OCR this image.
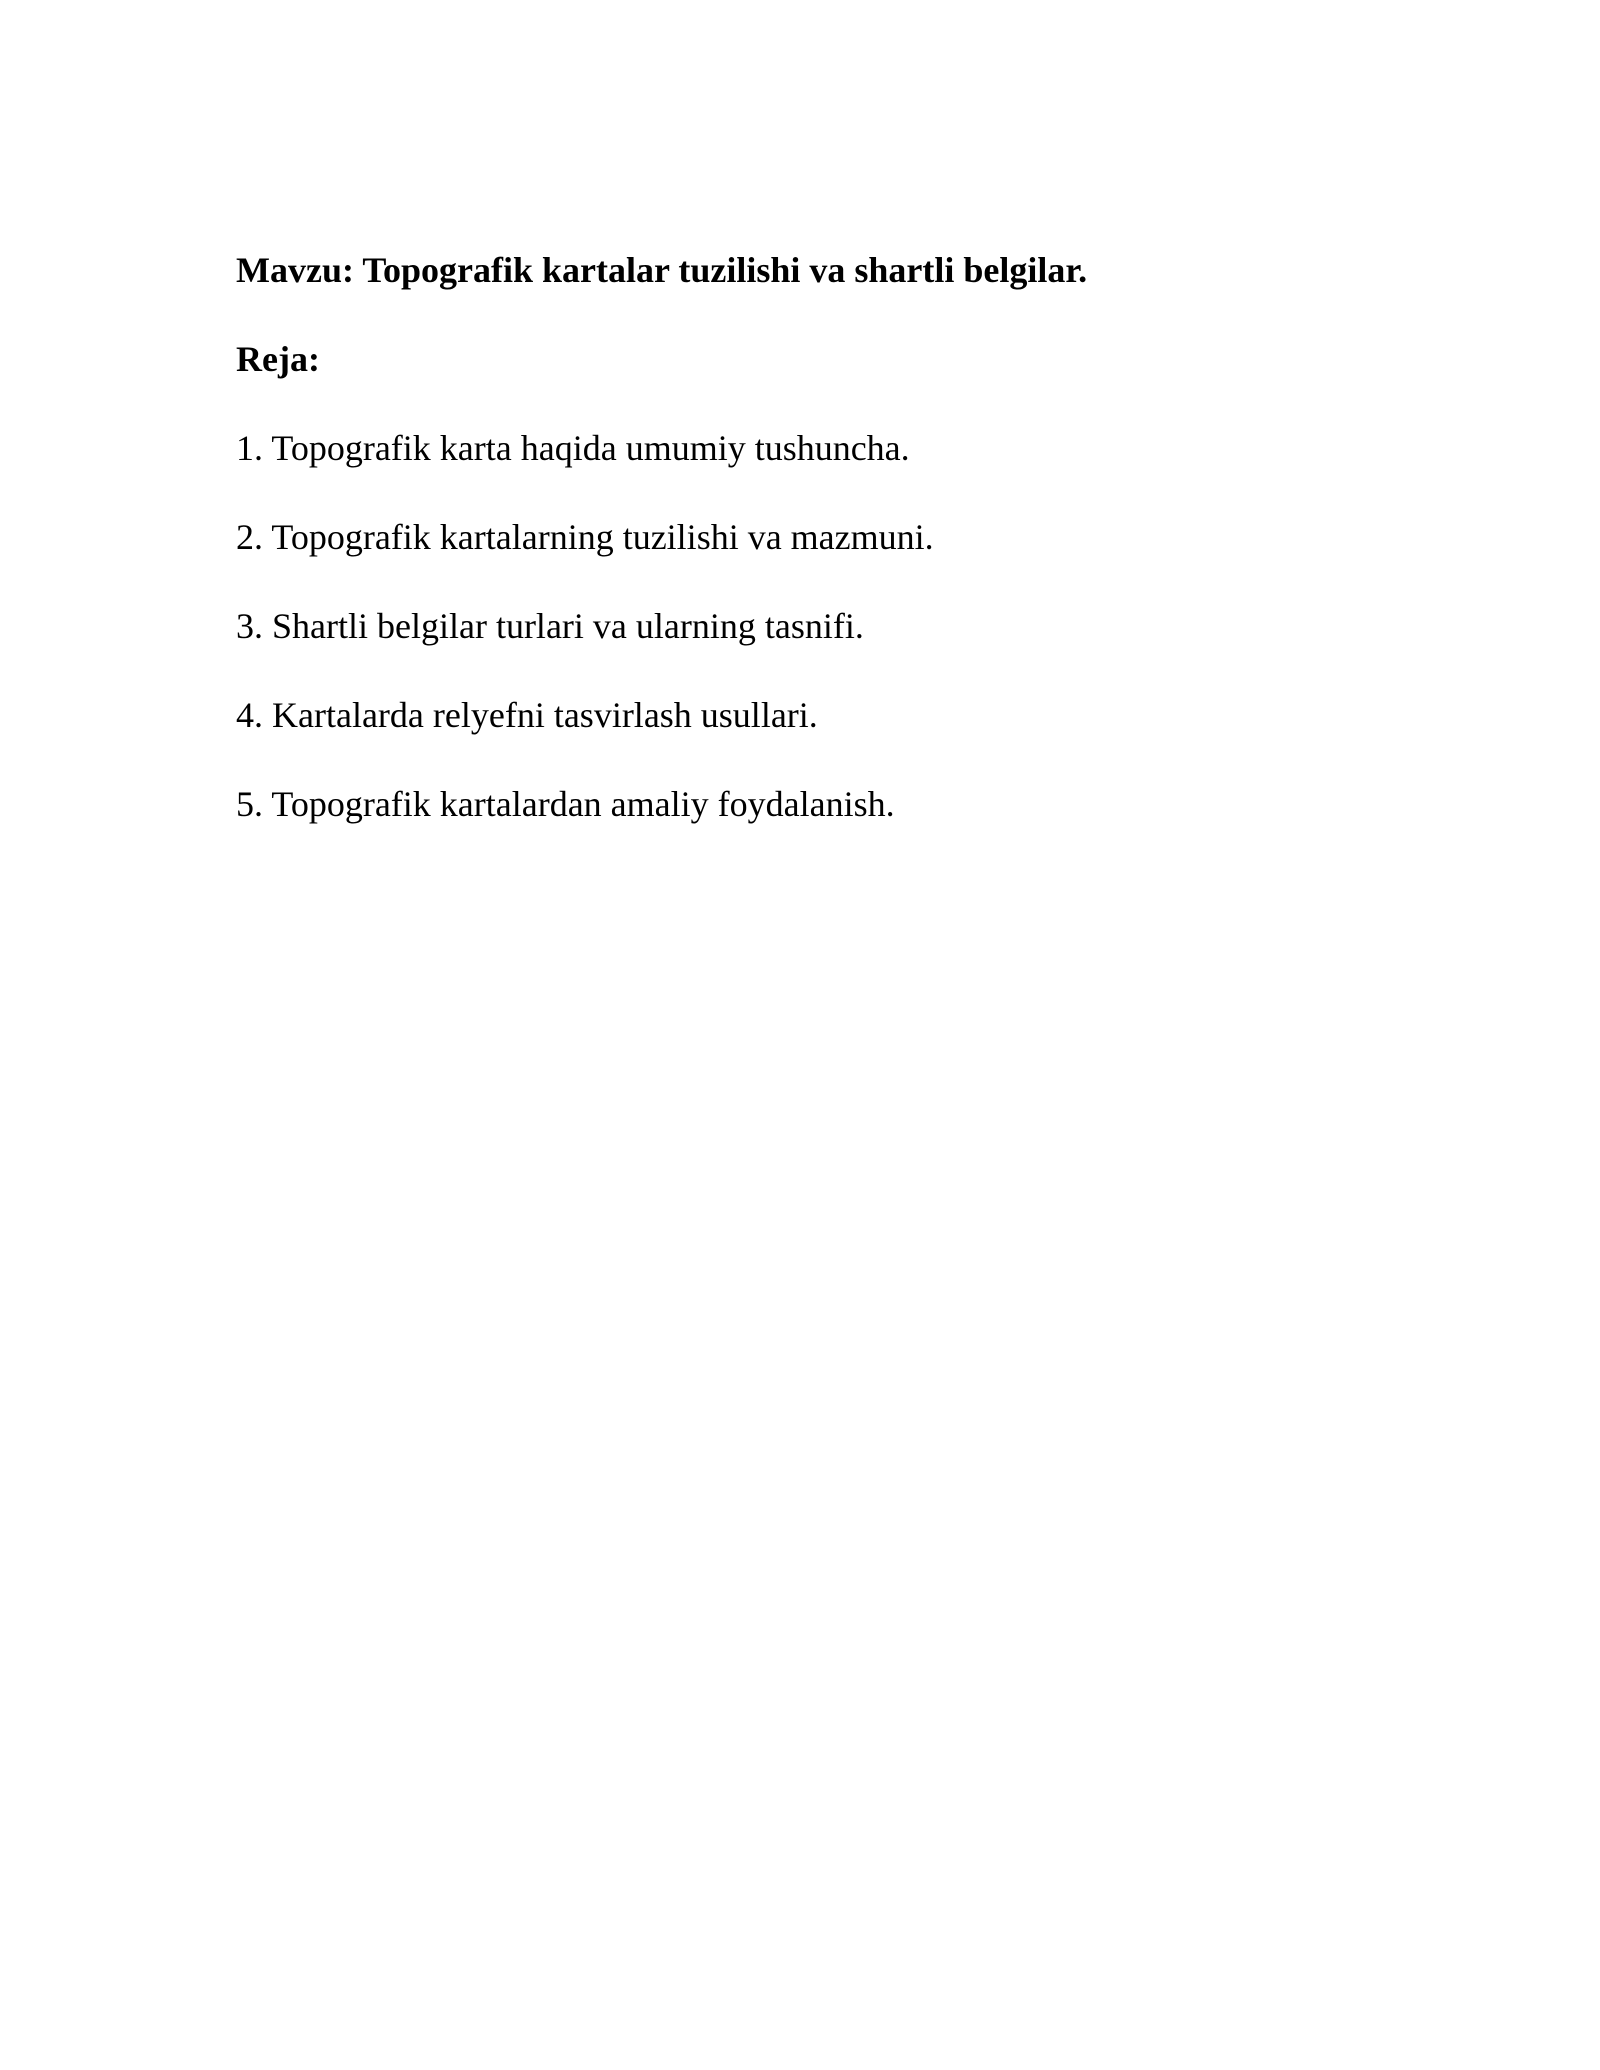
Mavzu: Topografik kartalar tuzilishi va shartli belgilar.
Reja:
1. Topografik karta haqida umumiy tushuncha.
2. Topografik kartalarning tuzilishi va mazmuni.
3. Shartli belgilar turlari va ularning tasnifi.
4. Kartalarda relyefni tasvirlash usullari.
5. Topografik kartalardan amaliy foydalanish.
